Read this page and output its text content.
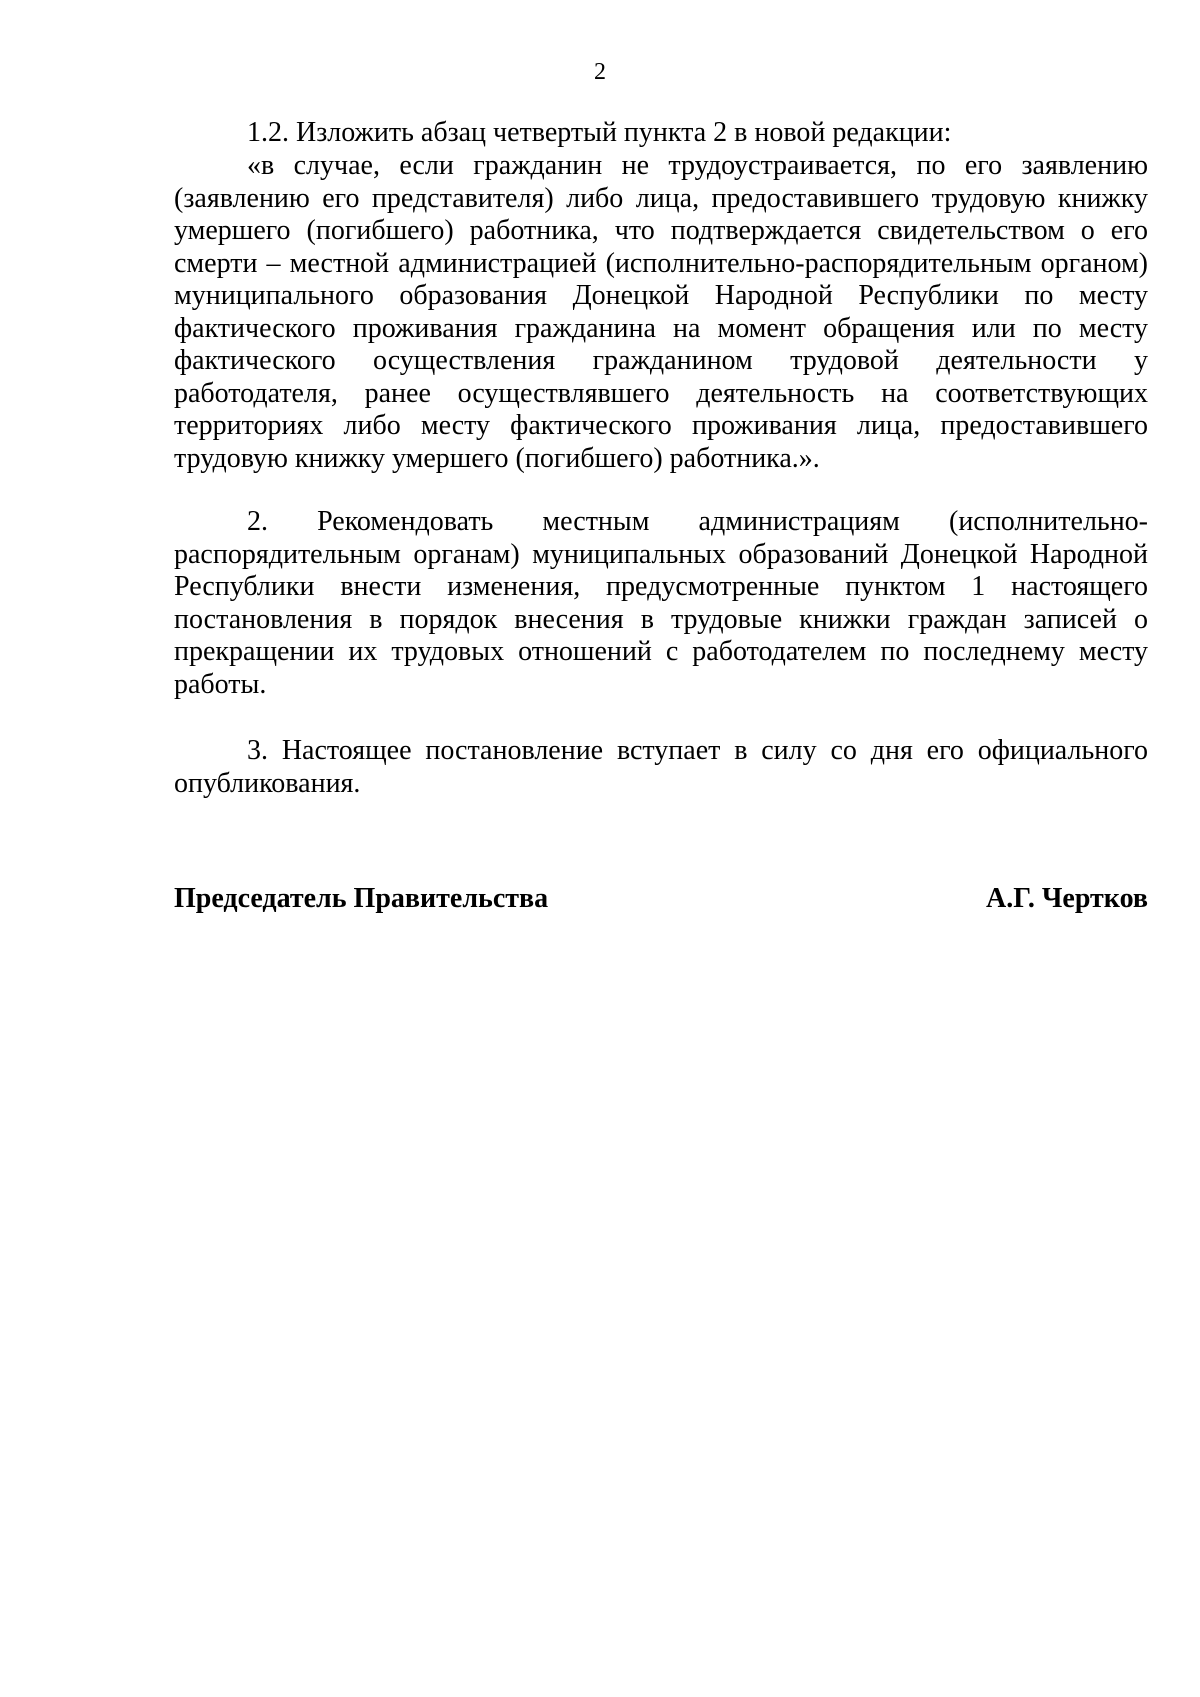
2

1.2. Изложить абзац четвертый пункта 2 в новой редакции:

«в случае, если гражданин не трудоустраивается, по его заявлению (заявлению его представителя) либо лица, предоставившего трудовую книжку умершего (погибшего) работника, что подтверждается свидетельством о его смерти – местной администрацией (исполнительно-распорядительным органом) муниципального образования Донецкой Народной Республики по месту фактического проживания гражданина на момент обращения или по месту фактического осуществления гражданином трудовой деятельности у работодателя, ранее осуществлявшего деятельность на соответствующих территориях либо месту фактического проживания лица, предоставившего трудовую книжку умершего (погибшего) работника.».

2. Рекомендовать местным администрациям (исполнительно-распорядительным органам) муниципальных образований Донецкой Народной Республики внести изменения, предусмотренные пунктом 1 настоящего постановления в порядок внесения в трудовые книжки граждан записей о прекращении их трудовых отношений с работодателем по последнему месту работы.

3. Настоящее постановление вступает в силу со дня его официального опубликования.

Председатель Правительства	А.Г. Чертков
